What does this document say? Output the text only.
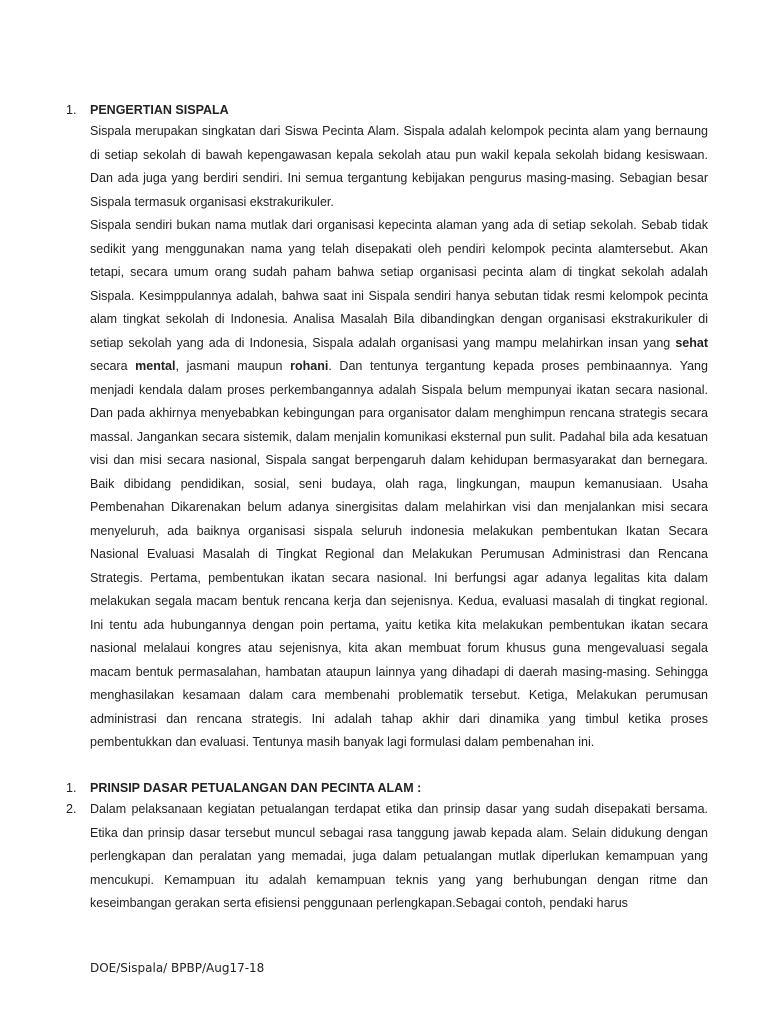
1.	PENGERTIAN SISPALA

Sispala merupakan singkatan dari Siswa Pecinta Alam. Sispala adalah kelompok pecinta alam yang bernaung di setiap sekolah di bawah kepengawasan kepala sekolah atau pun wakil kepala sekolah bidang kesiswaan. Dan ada juga yang berdiri sendiri. Ini semua tergantung kebijakan pengurus masing-masing. Sebagian besar Sispala termasuk organisasi ekstrakurikuler.

Sispala sendiri bukan nama mutlak dari organisasi kepecinta alaman yang ada di setiap sekolah. Sebab tidak sedikit yang menggunakan nama yang telah disepakati oleh pendiri kelompok pecinta alamtersebut. Akan tetapi, secara umum orang sudah paham bahwa setiap organisasi pecinta alam di tingkat sekolah adalah Sispala. Kesimppulannya adalah, bahwa saat ini Sispala sendiri hanya sebutan tidak resmi kelompok pecinta alam tingkat sekolah di Indonesia. Analisa Masalah Bila dibandingkan dengan organisasi ekstrakurikuler di setiap sekolah yang ada di Indonesia, Sispala adalah organisasi yang mampu melahirkan insan yang sehat secara mental, jasmani maupun rohani. Dan tentunya tergantung kepada proses pembinaannya. Yang menjadi kendala dalam proses perkembangannya adalah Sispala belum mempunyai ikatan secara nasional. Dan pada akhirnya menyebabkan kebingungan para organisator dalam menghimpun rencana strategis secara massal. Jangankan secara sistemik, dalam menjalin komunikasi eksternal pun sulit. Padahal bila ada kesatuan visi dan misi secara nasional, Sispala sangat berpengaruh dalam kehidupan bermasyarakat dan bernegara. Baik dibidang pendidikan, sosial, seni budaya, olah raga, lingkungan, maupun kemanusiaan. Usaha Pembenahan Dikarenakan belum adanya sinergisitas dalam melahirkan visi dan menjalankan misi secara menyeluruh, ada baiknya organisasi sispala seluruh indonesia melakukan pembentukan Ikatan Secara Nasional Evaluasi Masalah di Tingkat Regional dan Melakukan Perumusan Administrasi dan Rencana Strategis. Pertama, pembentukan ikatan secara nasional. Ini berfungsi agar adanya legalitas kita dalam melakukan segala macam bentuk rencana kerja dan sejenisnya. Kedua, evaluasi masalah di tingkat regional. Ini tentu ada hubungannya dengan poin pertama, yaitu ketika kita melakukan pembentukan ikatan secara nasional melalaui kongres atau sejenisnya, kita akan membuat forum khusus guna mengevaluasi segala macam bentuk permasalahan, hambatan ataupun lainnya yang dihadapi di daerah masing-masing. Sehingga menghasilakan kesamaan dalam cara membenahi problematik tersebut. Ketiga, Melakukan perumusan administrasi dan rencana strategis. Ini adalah tahap akhir dari dinamika yang timbul ketika proses pembentukkan dan evaluasi. Tentunya masih banyak lagi formulasi dalam pembenahan ini.

1.	PRINSIP DASAR PETUALANGAN DAN PECINTA ALAM :
2.	Dalam pelaksanaan kegiatan petualangan terdapat etika dan prinsip dasar yang sudah disepakati bersama. Etika dan prinsip dasar tersebut muncul sebagai rasa tanggung jawab kepada alam. Selain didukung dengan perlengkapan dan peralatan yang memadai, juga dalam petualangan mutlak diperlukan kemampuan yang mencukupi. Kemampuan itu adalah kemampuan teknis yang yang berhubungan dengan ritme dan keseimbangan gerakan serta efisiensi penggunaan perlengkapan.Sebagai contoh, pendaki harus
DOE/Sispala/ BPBP/Aug17-18
